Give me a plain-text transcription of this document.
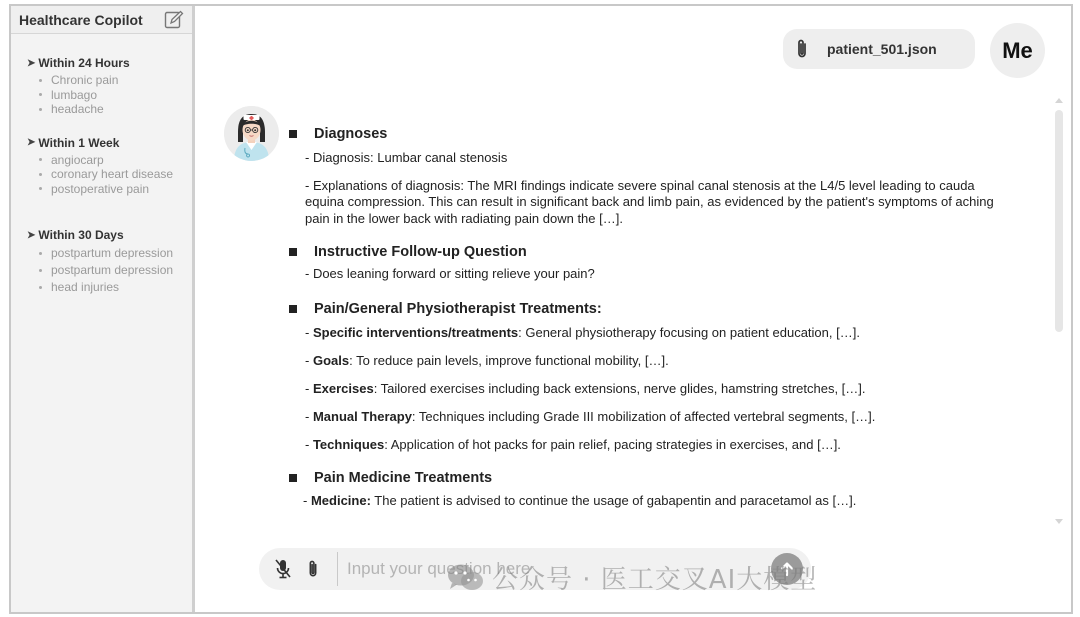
Healthcare Copilot
➤ Within 24 Hours
Chronic pain
lumbago
headache
➤ Within 1 Week
angiocarp
coronary heart disease
postoperative pain
➤ Within 30 Days
postpartum depression
postpartum depression
head injuries
patient_501.json	Me
Diagnoses
- Diagnosis: Lumbar canal stenosis
- Explanations of diagnosis: The MRI findings indicate severe spinal canal stenosis at the L4/5 level leading to cauda
equina compression. This can result in significant back and limb pain, as evidenced by the patient's symptoms of aching
pain in the lower back with radiating pain down the […].
Instructive Follow-up Question
- Does leaning forward or sitting relieve your pain?
Pain/General Physiotherapist Treatments:
- Specific interventions/treatments: General physiotherapy focusing on patient education, […].
- Goals: To reduce pain levels, improve functional mobility, […].
- Exercises: Tailored exercises including back extensions, nerve glides, hamstring stretches, […].
- Manual Therapy: Techniques including Grade III mobilization of affected vertebral segments, […].
- Techniques: Application of hot packs for pain relief, pacing strategies in exercises, and […].
Pain Medicine Treatments
- Medicine: The patient is advised to continue the usage of gabapentin and paracetamol as […].
Input your question here
公众号 · 医工交叉AI大模型
